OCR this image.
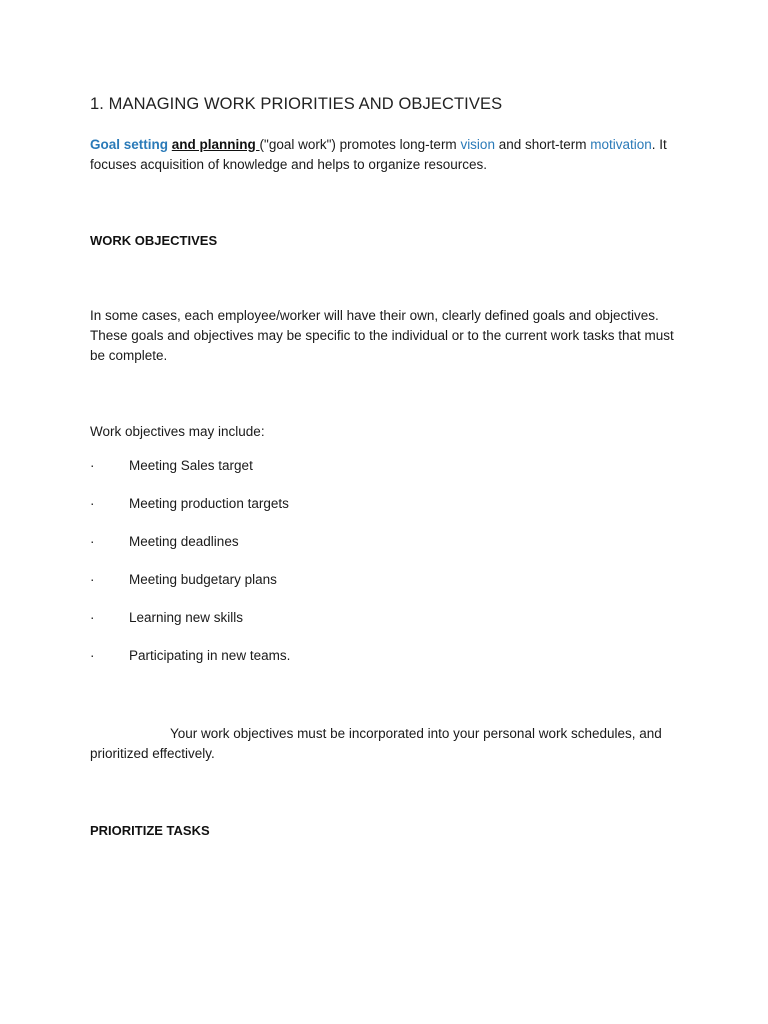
1. MANAGING WORK PRIORITIES AND OBJECTIVES

Goal setting and planning ("goal work") promotes long-term vision and short-term motivation. It focuses acquisition of knowledge and helps to organize resources.

WORK OBJECTIVES

In some cases, each employee/worker will have their own, clearly defined goals and objectives. These goals and objectives may be specific to the individual or to the current work tasks that must be complete.

Work objectives may include:

·	Meeting Sales target
·	Meeting production targets
·	Meeting deadlines
·	Meeting budgetary plans
·	Learning new skills
·	Participating in new teams.

Your work objectives must be incorporated into your personal work schedules, and prioritized effectively.

PRIORITIZE TASKS
